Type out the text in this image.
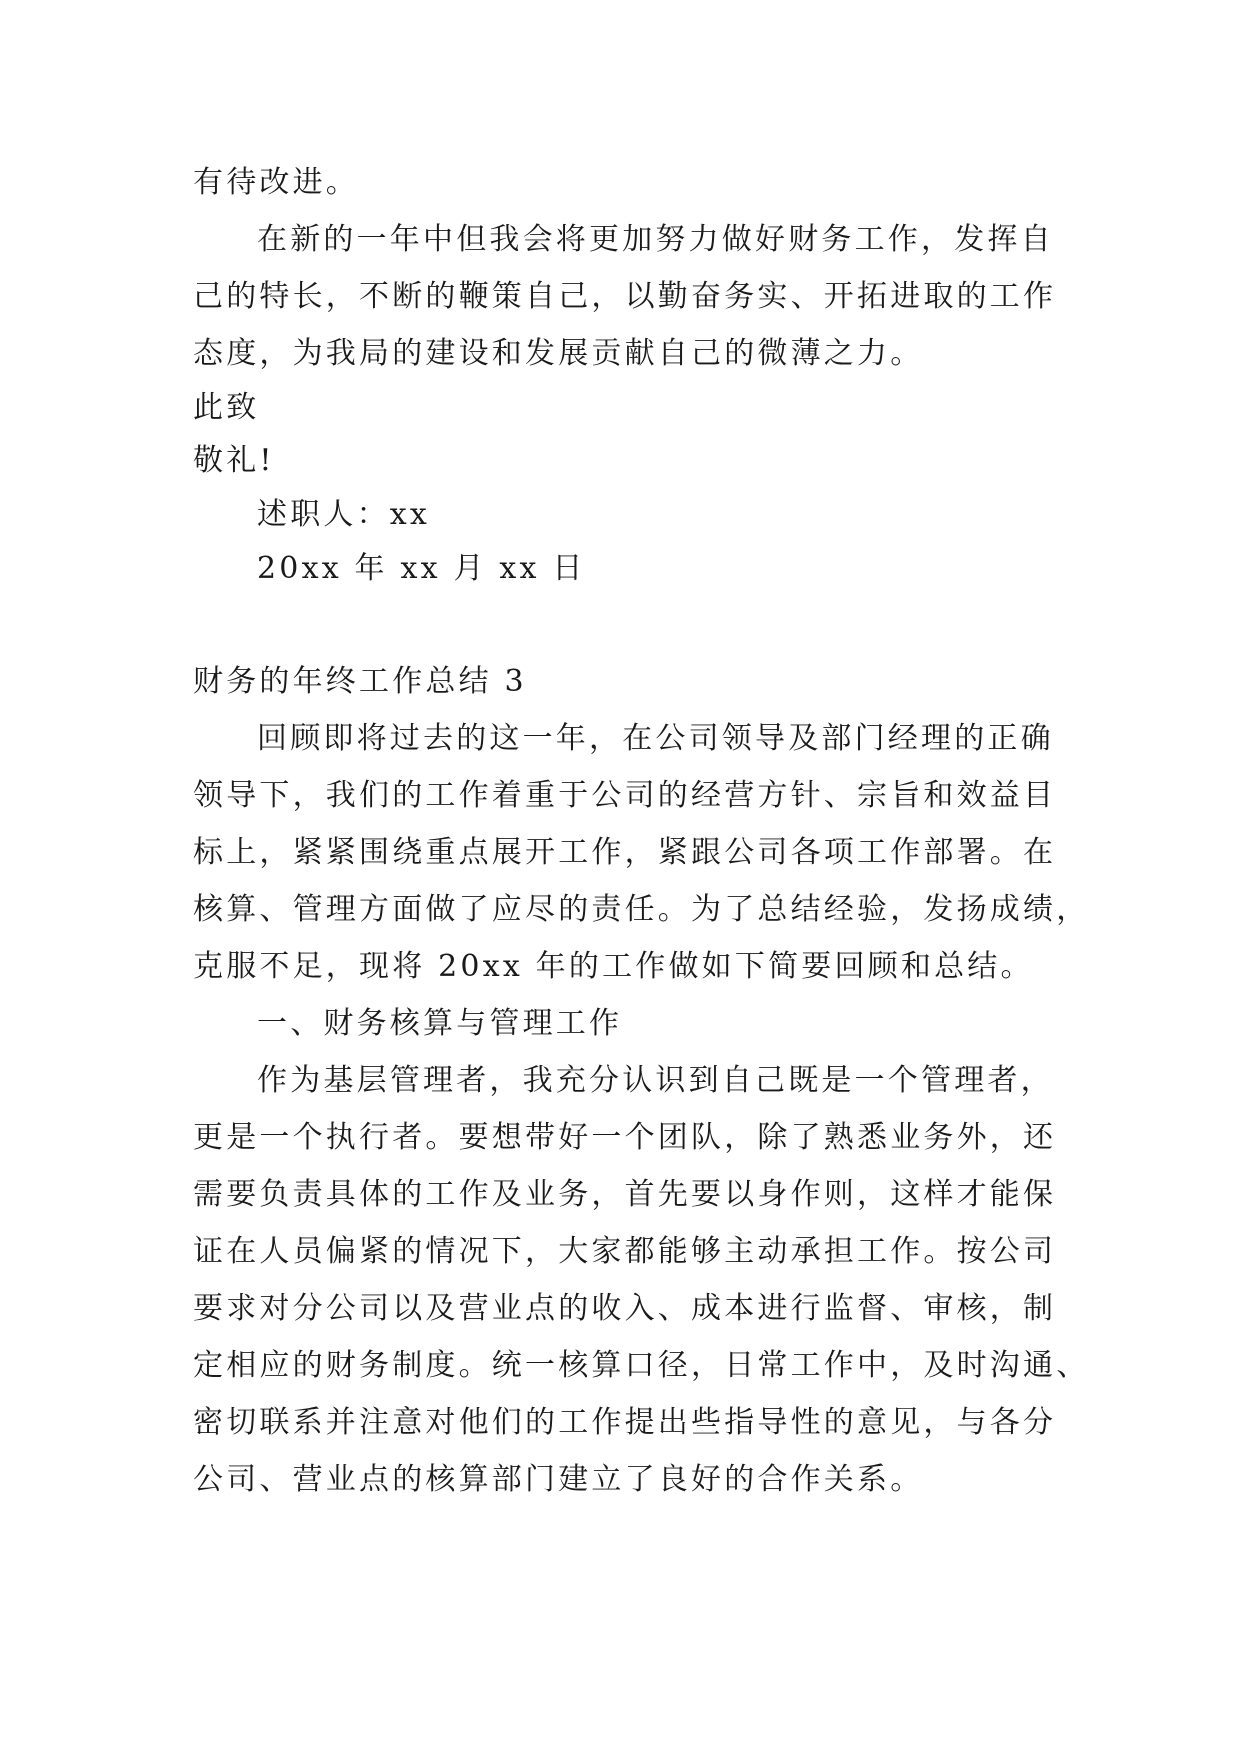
有待改进。
在新的一年中但我会将更加努力做好财务工作，发挥自
己的特长，不断的鞭策自己，以勤奋务实、开拓进取的工作
态度，为我局的建设和发展贡献自己的微薄之力。
此致
敬礼!
述职人：xx
20xx 年 xx 月 xx 日
财务的年终工作总结 3
回顾即将过去的这一年，在公司领导及部门经理的正确
领导下，我们的工作着重于公司的经营方针、宗旨和效益目
标上，紧紧围绕重点展开工作，紧跟公司各项工作部署。在
核算、管理方面做了应尽的责任。为了总结经验，发扬成绩，
克服不足，现将 20xx 年的工作做如下简要回顾和总结。
一、财务核算与管理工作
作为基层管理者，我充分认识到自己既是一个管理者，
更是一个执行者。要想带好一个团队，除了熟悉业务外，还
需要负责具体的工作及业务，首先要以身作则，这样才能保
证在人员偏紧的情况下，大家都能够主动承担工作。按公司
要求对分公司以及营业点的收入、成本进行监督、审核，制
定相应的财务制度。统一核算口径，日常工作中，及时沟通、
密切联系并注意对他们的工作提出些指导性的意见，与各分
公司、营业点的核算部门建立了良好的合作关系。
